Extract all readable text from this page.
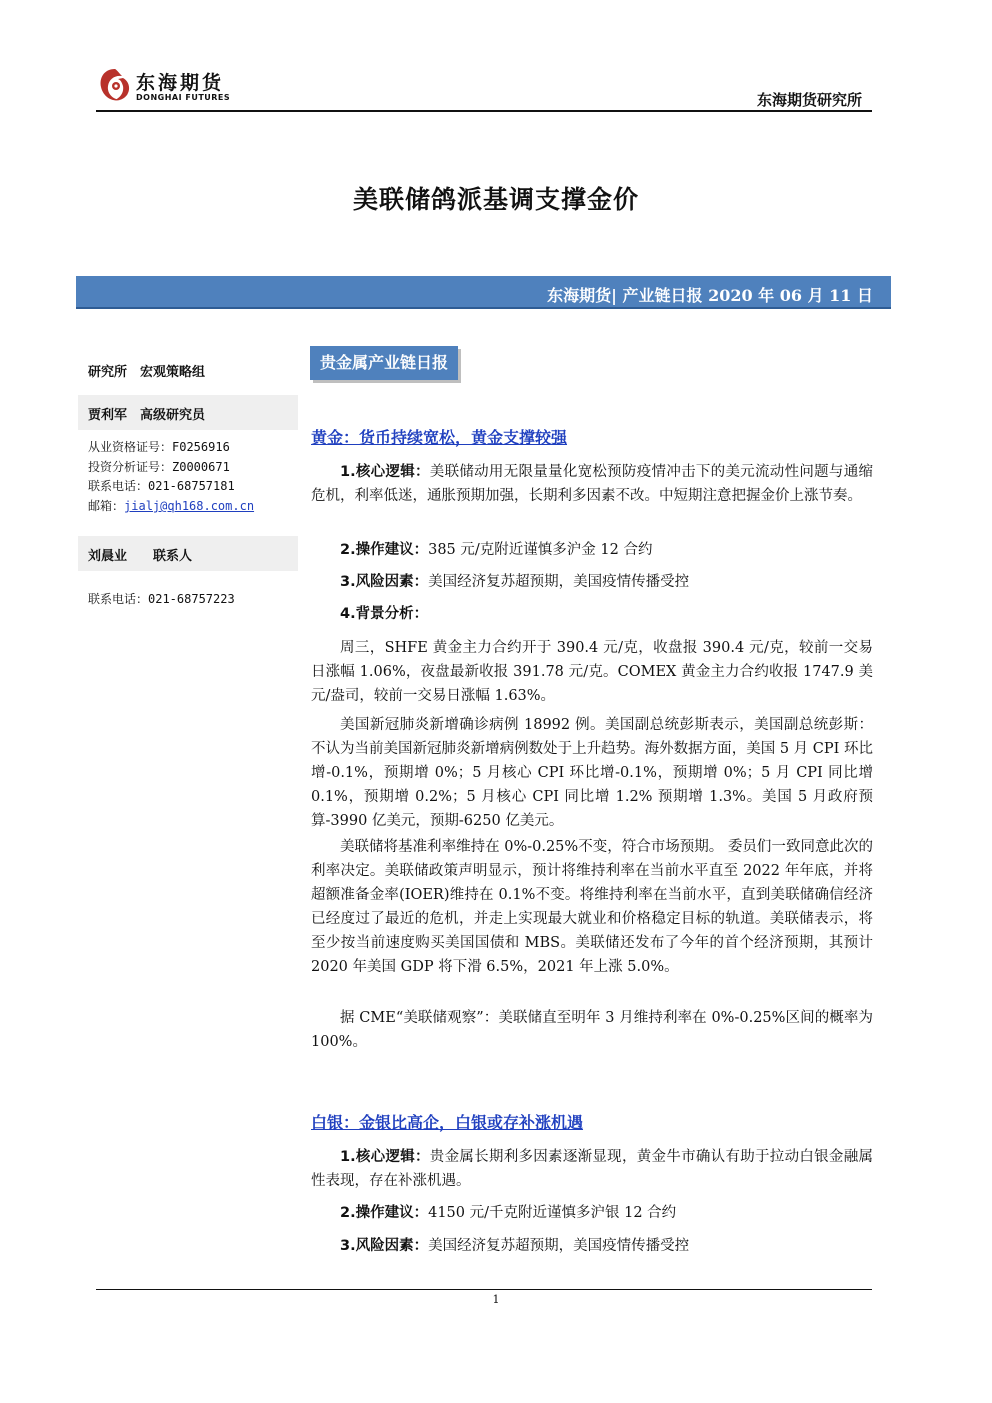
东海期货
DONGHAI FUTURES	东海期货研究所
美联储鸽派基调支撑金价
东海期货| 产业链日报 2020 年 06 月 11 日
研究所　宏观策略组
贾利军　高级研究员
从业资格证号：F0256916
投资分析证号：Z0000671
联系电话：021-68757181
邮箱：jialj@qh168.com.cn
刘晨业　　联系人
联系电话：021-68757223
贵金属产业链日报
黄金：货币持续宽松，黄金支撑较强

1.核心逻辑：美联储动用无限量量化宽松预防疫情冲击下的美元流动性问题与通缩危机，利率低迷，通胀预期加强，长期利多因素不改。中短期注意把握金价上涨节奏。

2.操作建议：385 元/克附近谨慎多沪金 12 合约

3.风险因素：美国经济复苏超预期，美国疫情传播受控

4.背景分析：

周三，SHFE 黄金主力合约开于 390.4 元/克，收盘报 390.4 元/克，较前一交易日涨幅 1.06%，夜盘最新收报 391.78 元/克。COMEX 黄金主力合约收报 1747.9 美元/盎司，较前一交易日涨幅 1.63%。

美国新冠肺炎新增确诊病例 18992 例。美国副总统彭斯表示，美国副总统彭斯：不认为当前美国新冠肺炎新增病例数处于上升趋势。海外数据方面，美国 5 月 CPI 环比增-0.1%，预期增 0%；5 月核心 CPI 环比增-0.1%，预期增 0%；5 月 CPI 同比增 0.1%，预期增 0.2%；5 月核心 CPI 同比增 1.2% 预期增 1.3%。美国 5 月政府预算-3990 亿美元，预期-6250 亿美元。

美联储将基准利率维持在 0%-0.25%不变，符合市场预期。 委员们一致同意此次的利率决定。美联储政策声明显示，预计将维持利率在当前水平直至 2022 年年底，并将超额准备金率(IOER)维持在 0.1%不变。将维持利率在当前水平，直到美联储确信经济已经度过了最近的危机，并走上实现最大就业和价格稳定目标的轨道。美联储表示，将至少按当前速度购买美国国债和 MBS。美联储还发布了今年的首个经济预期，其预计 2020 年美国 GDP 将下滑 6.5%，2021 年上涨 5.0%。

据 CME“美联储观察”：美联储直至明年 3 月维持利率在 0%-0.25%区间的概率为 100%。

白银：金银比高企，白银或存补涨机遇

1.核心逻辑：贵金属长期利多因素逐渐显现，黄金牛市确认有助于拉动白银金融属性表现，存在补涨机遇。

2.操作建议：4150 元/千克附近谨慎多沪银 12 合约

3.风险因素：美国经济复苏超预期，美国疫情传播受控

1
